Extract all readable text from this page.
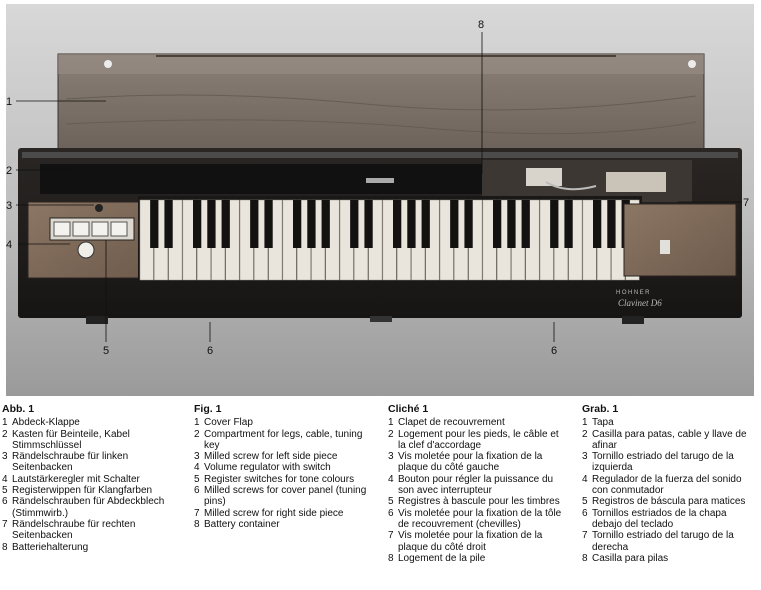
HOHNER
Clavinet D6
1
2
3
4
5	6	6
7
8
Abb. 1
1 Abdeck-Klappe
2 Kasten für Beinteile, Kabel Stimmschlüssel
3 Rändelschraube für linken Seitenbacken
4 Lautstärkeregler mit Schalter
5 Registerwippen für Klangfarben
6 Rändelschrauben für Abdeckblech (Stimmwirb.)
7 Rändelschraube für rechten Seitenbacken
8 Batteriehalterung
Fig. 1
1 Cover Flap
2 Compartment for legs, cable, tuning key
3 Milled screw for left side piece
4 Volume regulator with switch
5 Register switches for tone colours
6 Milled screws for cover panel (tuning pins)
7 Milled screw for right side piece
8 Battery container
Cliché 1
1 Clapet de recouvrement
2 Logement pour les pieds, le câble et la clef d'accordage
3 Vis moletée pour la fixation de la plaque du côté gauche
4 Bouton pour régler la puissance du son avec interrupteur
5 Registres à bascule pour les timbres
6 Vis moletée pour la fixation de la tôle de recouvrement (chevilles)
7 Vis moletée pour la fixation de la plaque du côté droit
8 Logement de la pile
Grab. 1
1 Tapa
2 Casilla para patas, cable y llave de afinar
3 Tornillo estriado del tarugo de la izquierda
4 Regulador de la fuerza del sonido con conmutador
5 Registros de báscula para matices
6 Tornillos estriados de la chapa debajo del teclado
7 Tornillo estriado del tarugo de la derecha
8 Casilla para pilas
